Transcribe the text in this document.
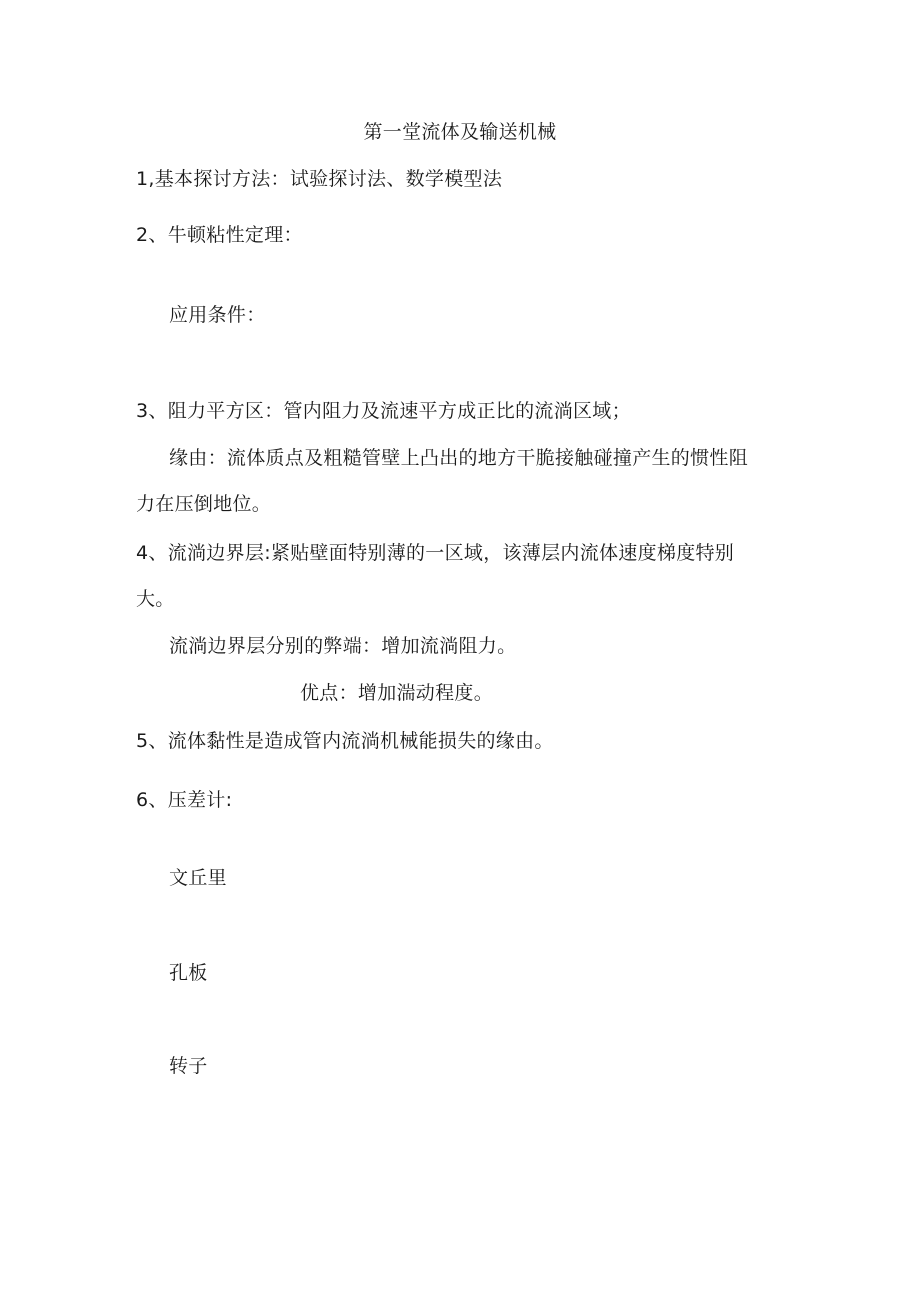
第一堂流体及输送机械
1,基本探讨方法：试验探讨法、数学模型法
2、牛顿粘性定理：
应用条件：
3、阻力平方区：管内阻力及流速平方成正比的流淌区域；
缘由：流体质点及粗糙管壁上凸出的地方干脆接触碰撞产生的惯性阻
力在压倒地位。
4、流淌边界层:紧贴壁面特别薄的一区域，该薄层内流体速度梯度特别
大。
流淌边界层分别的弊端：增加流淌阻力。
优点：增加湍动程度。
5、流体黏性是造成管内流淌机械能损失的缘由。
6、压差计:
文丘里
孔板
转子
